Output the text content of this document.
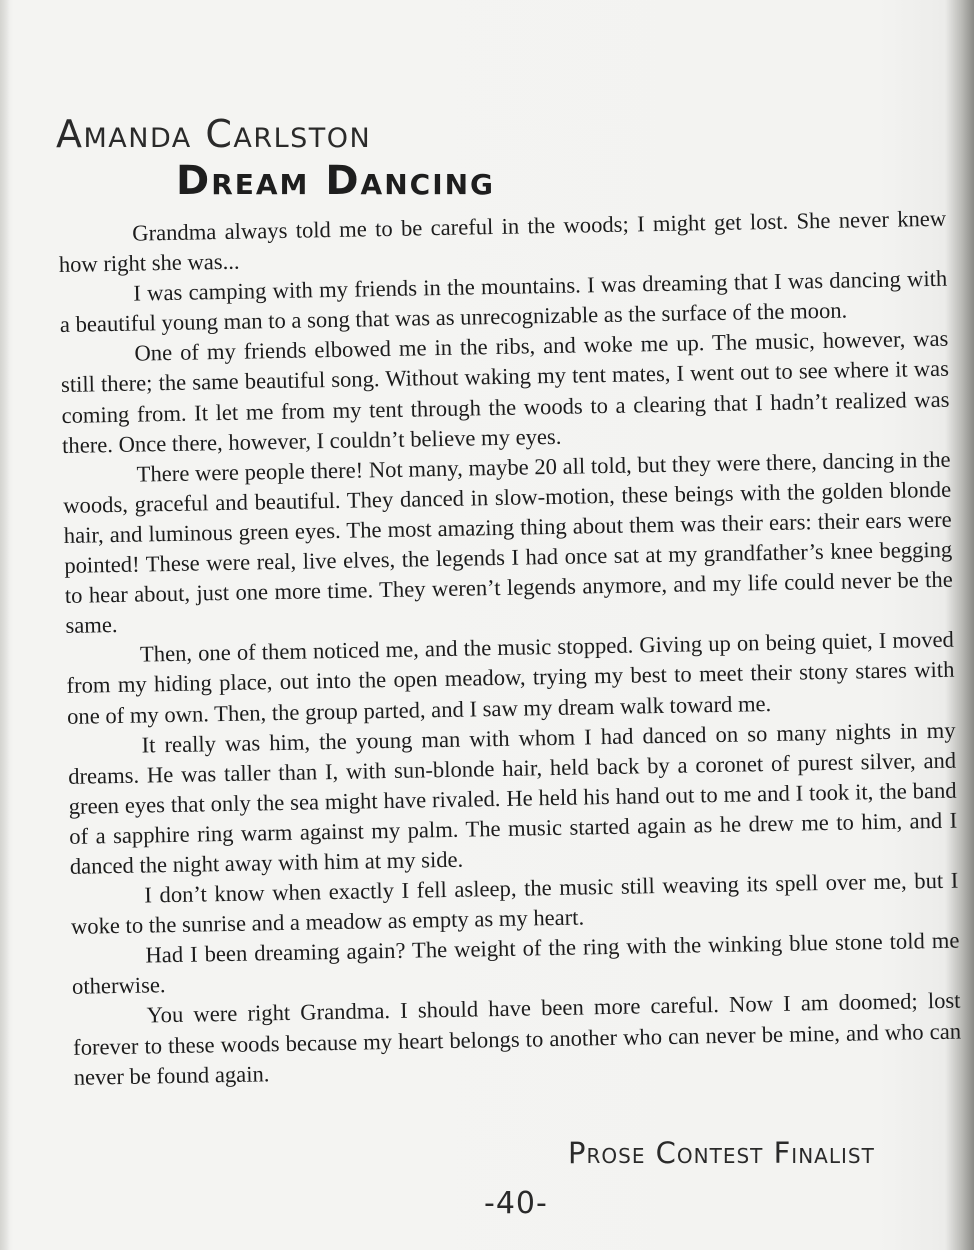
Amanda Carlston
Dream Dancing

Grandma always told me to be careful in the woods; I might get lost. She never knew how right she was...

I was camping with my friends in the mountains. I was dreaming that I was dancing with a beautiful young man to a song that was as unrecognizable as the surface of the moon.

One of my friends elbowed me in the ribs, and woke me up. The music, however, was still there; the same beautiful song. Without waking my tent mates, I went out to see where it was coming from. It let me from my tent through the woods to a clearing that I hadn’t realized was there. Once there, however, I couldn’t believe my eyes.

There were people there! Not many, maybe 20 all told, but they were there, dancing in the woods, graceful and beautiful. They danced in slow-motion, these beings with the golden blonde hair, and luminous green eyes. The most amazing thing about them was their ears: their ears were pointed! These were real, live elves, the legends I had once sat at my grandfather’s knee begging to hear about, just one more time. They weren’t legends anymore, and my life could never be the same.

Then, one of them noticed me, and the music stopped. Giving up on being quiet, I moved from my hiding place, out into the open meadow, trying my best to meet their stony stares with one of my own. Then, the group parted, and I saw my dream walk toward me.

It really was him, the young man with whom I had danced on so many nights in my dreams. He was taller than I, with sun-blonde hair, held back by a coronet of purest silver, and green eyes that only the sea might have rivaled. He held his hand out to me and I took it, the band of a sapphire ring warm against my palm. The music started again as he drew me to him, and I danced the night away with him at my side.

I don’t know when exactly I fell asleep, the music still weaving its spell over me, but I woke to the sunrise and a meadow as empty as my heart.

Had I been dreaming again? The weight of the ring with the winking blue stone told me otherwise.

You were right Grandma. I should have been more careful. Now I am doomed; lost forever to these woods because my heart belongs to another who can never be mine, and who can never be found again.

Prose Contest Finalist
-40-
